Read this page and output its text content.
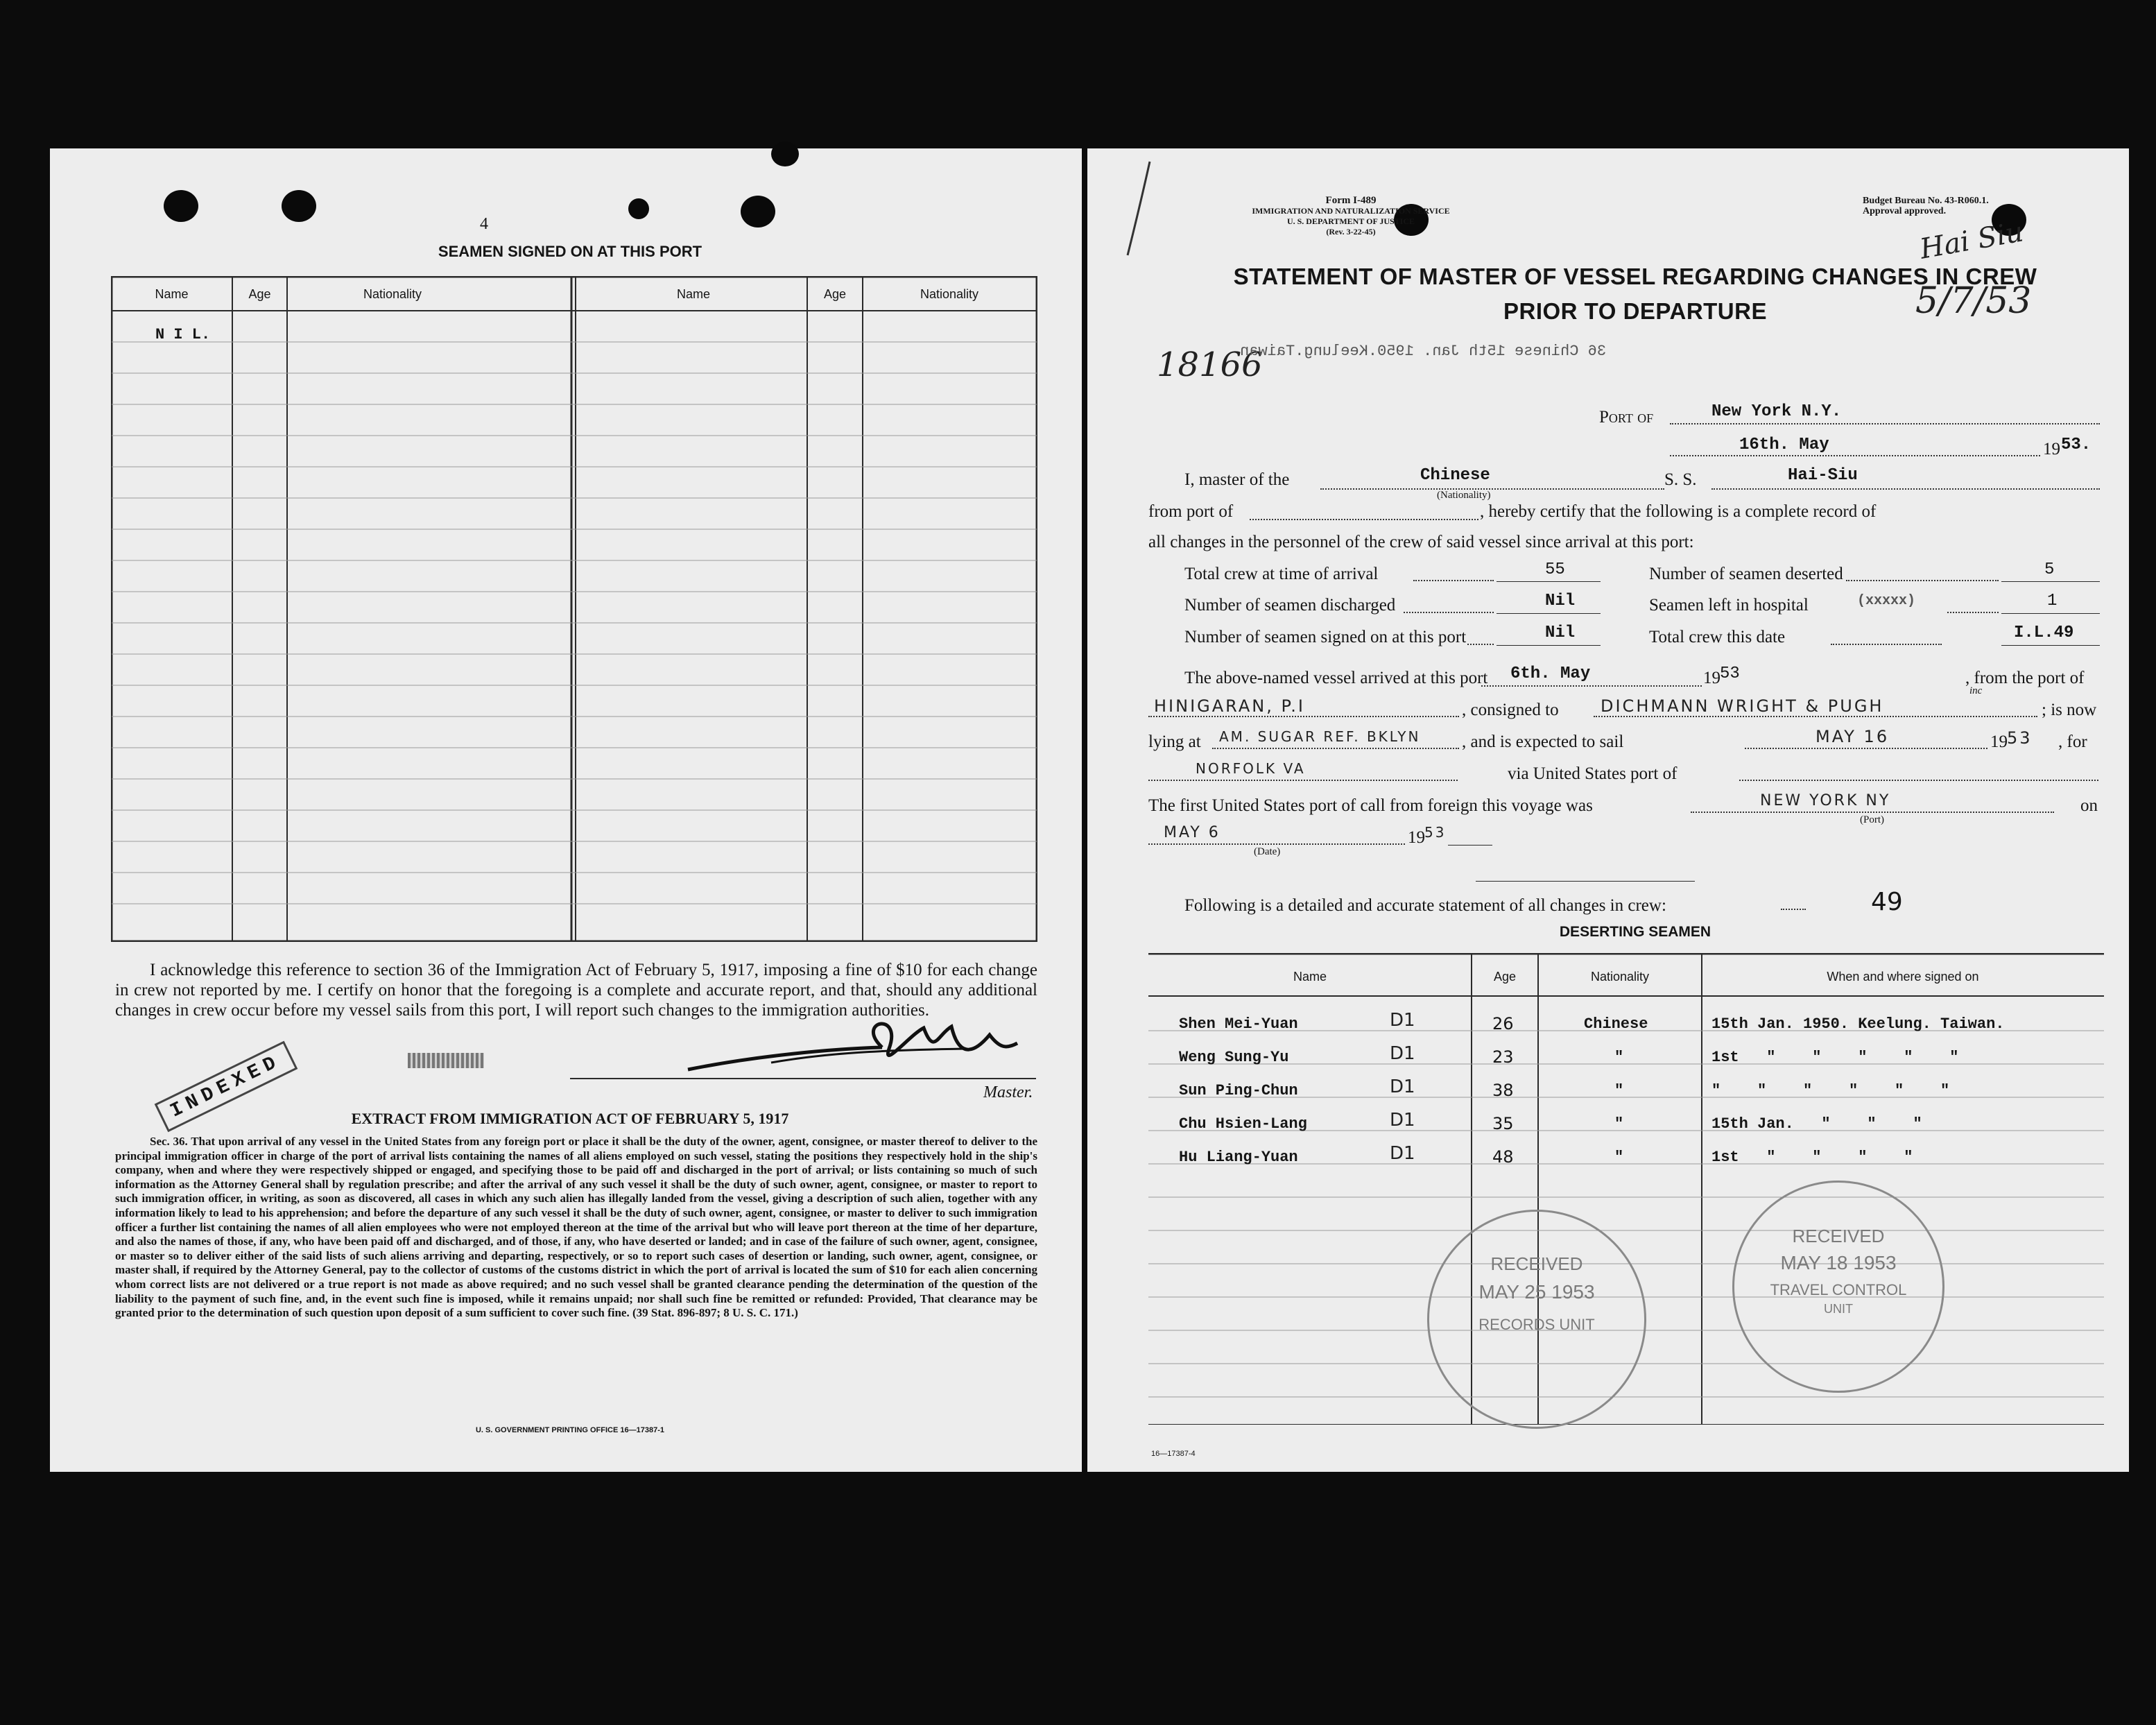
4
SEAMEN SIGNED ON AT THIS PORT
Name	Age	Nationality	Name	Age	Nationality
N I L.
I acknowledge this reference to section 36 of the Immigration Act of February 5, 1917, imposing a fine of $10 for each change in crew not reported by me. I certify on honor that the foregoing is a complete and accurate report, and that, should any additional changes in crew occur before my vessel sails from this port, I will report such changes to the immigration authorities.
INDEXED	Master.
EXTRACT FROM IMMIGRATION ACT OF FEBRUARY 5, 1917
Sec. 36. That upon arrival of any vessel in the United States from any foreign port or place it shall be the duty of the owner, agent, consignee, or master thereof to deliver to the principal immigration officer in charge of the port of arrival lists containing the names of all aliens employed on such vessel, stating the positions they respectively hold in the ship's company, when and where they were respectively shipped or engaged, and specifying those to be paid off and discharged in the port of arrival; or lists containing so much of such information as the Attorney General shall by regulation prescribe; and after the arrival of any such vessel it shall be the duty of such owner, agent, consignee, or master to report to such immigration officer, in writing, as soon as discovered, all cases in which any such alien has illegally landed from the vessel, giving a description of such alien, together with any information likely to lead to his apprehension; and before the departure of any such vessel it shall be the duty of such owner, agent, consignee, or master to deliver to such immigration officer a further list containing the names of all alien employees who were not employed thereon at the time of the arrival but who will leave port thereon at the time of her departure, and also the names of those, if any, who have been paid off and discharged, and of those, if any, who have deserted or landed; and in case of the failure of such owner, agent, consignee, or master so to deliver either of the said lists of such aliens arriving and departing, respectively, or so to report such cases of desertion or landing, such owner, agent, consignee, or master shall, if required by the Attorney General, pay to the collector of customs of the customs district in which the port of arrival is located the sum of $10 for each alien concerning whom correct lists are not delivered or a true report is not made as above required; and no such vessel shall be granted clearance pending the determination of the question of the liability to the payment of such fine, and, in the event such fine is imposed, while it remains unpaid; nor shall such fine be remitted or refunded: Provided, That clearance may be granted prior to the determination of such question upon deposit of a sum sufficient to cover such fine. (39 Stat. 896-897; 8 U. S. C. 171.)
U. S. GOVERNMENT PRINTING OFFICE 16—17387-1
Form I-489
IMMIGRATION AND NATURALIZATION SERVICE
U. S. DEPARTMENT OF JUSTICE
(Rev. 3-22-45)
Budget Bureau No. 43-R060.1.
Approval approved.
STATEMENT OF MASTER OF VESSEL REGARDING CHANGES IN CREW
PRIOR TO DEPARTURE
Hai Siu
5/7/53
18166
36 Chinese 15th Jan. 1950.Keelung.Taiwan
Port of	New York N.Y.
16th. May	19 53.
I, master of the	Chinese
(Nationality)
S. S.	Hai-Siu
from port of	, hereby certify that the following is a complete record of
all changes in the personnel of the crew of said vessel since arrival at this port:
Total crew at time of arrival	55
Number of seamen discharged	Nil
Number of seamen signed on at this port	Nil
Number of seamen deserted	5
Seamen left in hospital	(xxxxx)	1
Total crew this date	I.L.49
The above-named vessel arrived at this port 6th. May	19 53	, from the port of
HINIGARAN, P.I	, consigned to	DICHMANN WRIGHT & PUGH
inc
; is now
lying at AM. SUGAR REF. BKLYN , and is expected to sail	MAY 16	19 53 , for
NORFOLK VA	via United States port of
The first United States port of call from foreign this voyage was	NEW YORK NY
(Port)
on
MAY 6
(Date)
19 53
Following is a detailed and accurate statement of all changes in crew:	49
DESERTING SEAMEN
Name	Age	Nationality	When and where signed on
Shen Mei-Yuan	D1	26	Chinese	15th Jan. 1950. Keelung. Taiwan.
Weng Sung-Yu	D1	23	"	1st   "    "    "    "    "
Sun Ping-Chun	D1	38	"	"    "    "    "    "    "
Chu Hsien-Lang	D1	35	"	15th Jan.   "    "    "
Hu Liang-Yuan	D1	48	"	1st   "    "    "    "
RECEIVED
MAY 25 1953
RECORDS UNIT
RECEIVED
MAY 18 1953
TRAVEL CONTROL
UNIT
16—17387-4
